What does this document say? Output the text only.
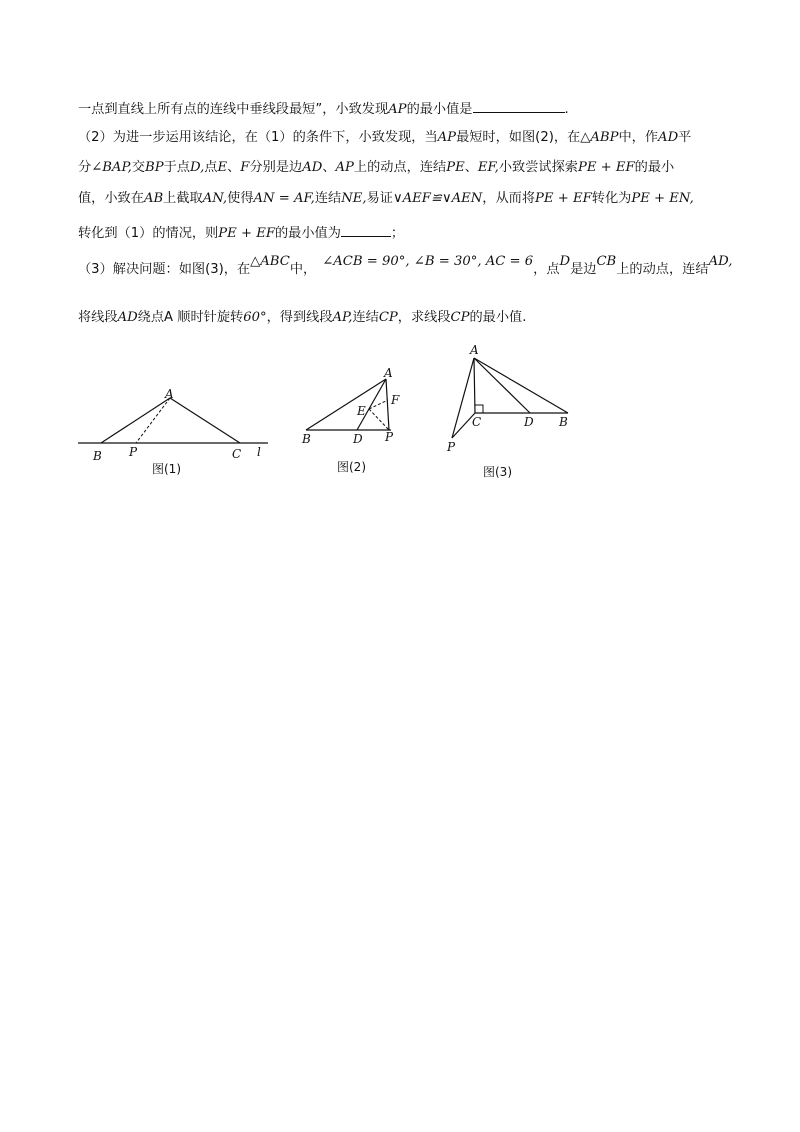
一点到直线上所有点的连线中垂线段最短”，小致发现AP的最小值是	.
（2）为进一步运用该结论，在（1）的条件下，小致发现，当AP最短时，如图(2)，在△ABP中，作AD平
分∠BAP,交BP于点D,点E、F分别是边AD、AP上的动点，连结PE、EF,小致尝试探索PE + EF的最小
值，小致在AB上截取AN,使得AN = AF,连结NE,易证∨AEF≌∨AEN，从而将PE + EF转化为PE + EN,
转化到（1）的情况，则PE + EF的最小值为	；
（3）解决问题：如图(3)，在△ABC中，∠ACB = 90°, ∠B = 30°, AC = 6，点D是边CB上的动点，连结AD,
将线段AD绕点A 顺时针旋转60°，得到线段AP,连结CP，求线段CP的最小值.
A
B P	C l
A
B	D P
E
F
A
C	D B
P
图(1)	图(2)	图(3)
